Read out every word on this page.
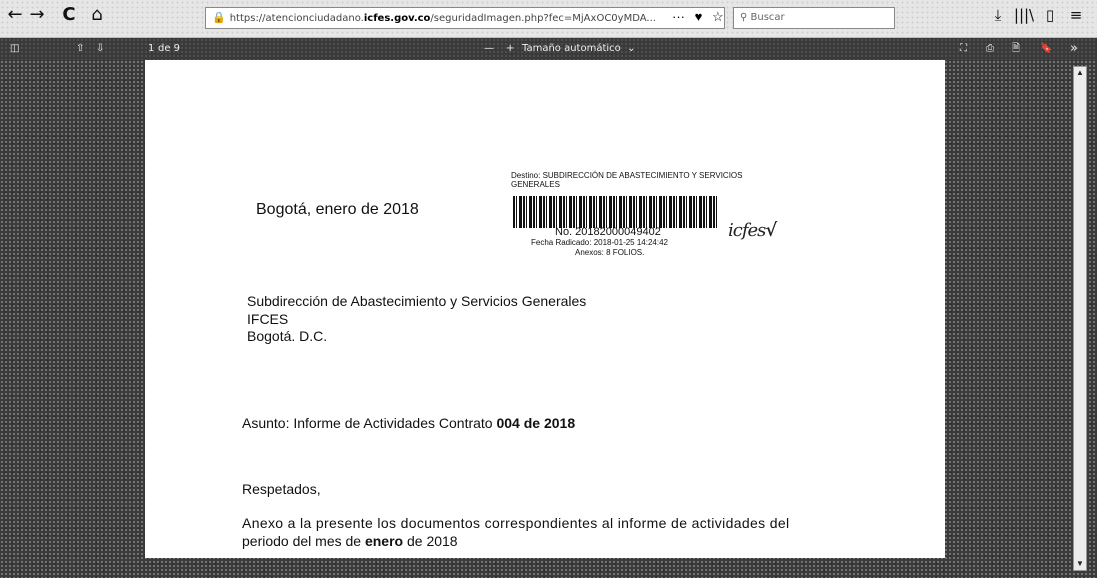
← → C ⌂	🔒 https://atencionciudadano.icfes.gov.co/seguridadImagen.php?fec=MjAxOC0yMDA...	··· ♥ ☆	⚲ Buscar	⤓ |||\ ▯ ≡
◫	⇧ ⇩	1 de 9	— + Tamaño automático ⌄	⛶ ⎙ 🗎 🔖 »
▲
▼
Bogotá, enero de 2018
Destino: SUBDIRECCIÓN DE ABASTECIMIENTO Y SERVICIOS GENERALES
No. 20182000049402
Fecha Radicado: 2018-01-25 14:24:42
Anexos: 8 FOLIOS.
icfes√
Subdirección de Abastecimiento y Servicios Generales
IFCES
Bogotá. D.C.
Asunto: Informe de Actividades Contrato 004 de 2018
Respetados,
Anexo a la presente los documentos correspondientes al informe de actividades del
periodo del mes de enero de 2018
